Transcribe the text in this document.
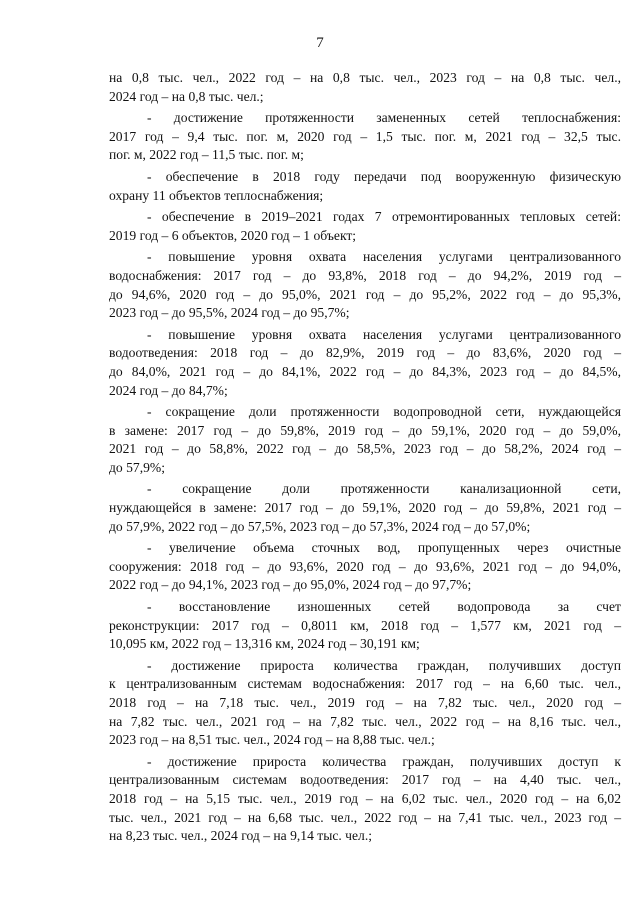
7
на 0,8 тыс. чел., 2022 год – на 0,8 тыс. чел., 2023 год – на 0,8 тыс. чел.,
2024 год – на 0,8 тыс. чел.;
- достижение протяженности замененных сетей теплоснабжения:
2017 год – 9,4 тыс. пог. м, 2020 год – 1,5 тыс. пог. м, 2021 год – 32,5 тыс.
пог. м, 2022 год – 11,5 тыс. пог. м;
- обеспечение в 2018 году передачи под вооруженную физическую
охрану 11 объектов теплоснабжения;
- обеспечение в 2019–2021 годах 7 отремонтированных тепловых сетей:
2019 год – 6 объектов, 2020 год – 1 объект;
- повышение уровня охвата населения услугами централизованного
водоснабжения: 2017 год – до 93,8%, 2018 год – до 94,2%, 2019 год –
до 94,6%, 2020 год – до 95,0%, 2021 год – до 95,2%, 2022 год – до 95,3%,
2023 год – до 95,5%, 2024 год – до 95,7%;
- повышение уровня охвата населения услугами централизованного
водоотведения: 2018 год – до 82,9%, 2019 год – до 83,6%, 2020 год –
до 84,0%, 2021 год – до 84,1%, 2022 год – до 84,3%, 2023 год – до 84,5%,
2024 год – до 84,7%;
- сокращение доли протяженности водопроводной сети, нуждающейся
в замене: 2017 год – до 59,8%, 2019 год – до 59,1%, 2020 год – до 59,0%,
2021 год – до 58,8%, 2022 год – до 58,5%, 2023 год – до 58,2%, 2024 год –
до 57,9%;
- сокращение доли протяженности канализационной сети,
нуждающейся в замене: 2017 год – до 59,1%, 2020 год – до 59,8%, 2021 год –
до 57,9%, 2022 год – до 57,5%, 2023 год – до 57,3%, 2024 год – до 57,0%;
- увеличение объема сточных вод, пропущенных через очистные
сооружения: 2018 год – до 93,6%, 2020 год – до 93,6%, 2021 год – до 94,0%,
2022 год – до 94,1%, 2023 год – до 95,0%, 2024 год – до 97,7%;
- восстановление изношенных сетей водопровода за счет
реконструкции: 2017 год – 0,8011 км, 2018 год – 1,577 км, 2021 год –
10,095 км, 2022 год – 13,316 км, 2024 год – 30,191 км;
- достижение прироста количества граждан, получивших доступ
к централизованным системам водоснабжения: 2017 год – на 6,60 тыс. чел.,
2018 год – на 7,18 тыс. чел., 2019 год – на 7,82 тыс. чел., 2020 год –
на 7,82 тыс. чел., 2021 год – на 7,82 тыс. чел., 2022 год – на 8,16 тыс. чел.,
2023 год – на 8,51 тыс. чел., 2024 год – на 8,88 тыс. чел.;
- достижение прироста количества граждан, получивших доступ к
централизованным системам водоотведения: 2017 год – на 4,40 тыс. чел.,
2018 год – на 5,15 тыс. чел., 2019 год – на 6,02 тыс. чел., 2020 год – на 6,02
тыс. чел., 2021 год – на 6,68 тыс. чел., 2022 год – на 7,41 тыс. чел., 2023 год –
на 8,23 тыс. чел., 2024 год – на 9,14 тыс. чел.;
